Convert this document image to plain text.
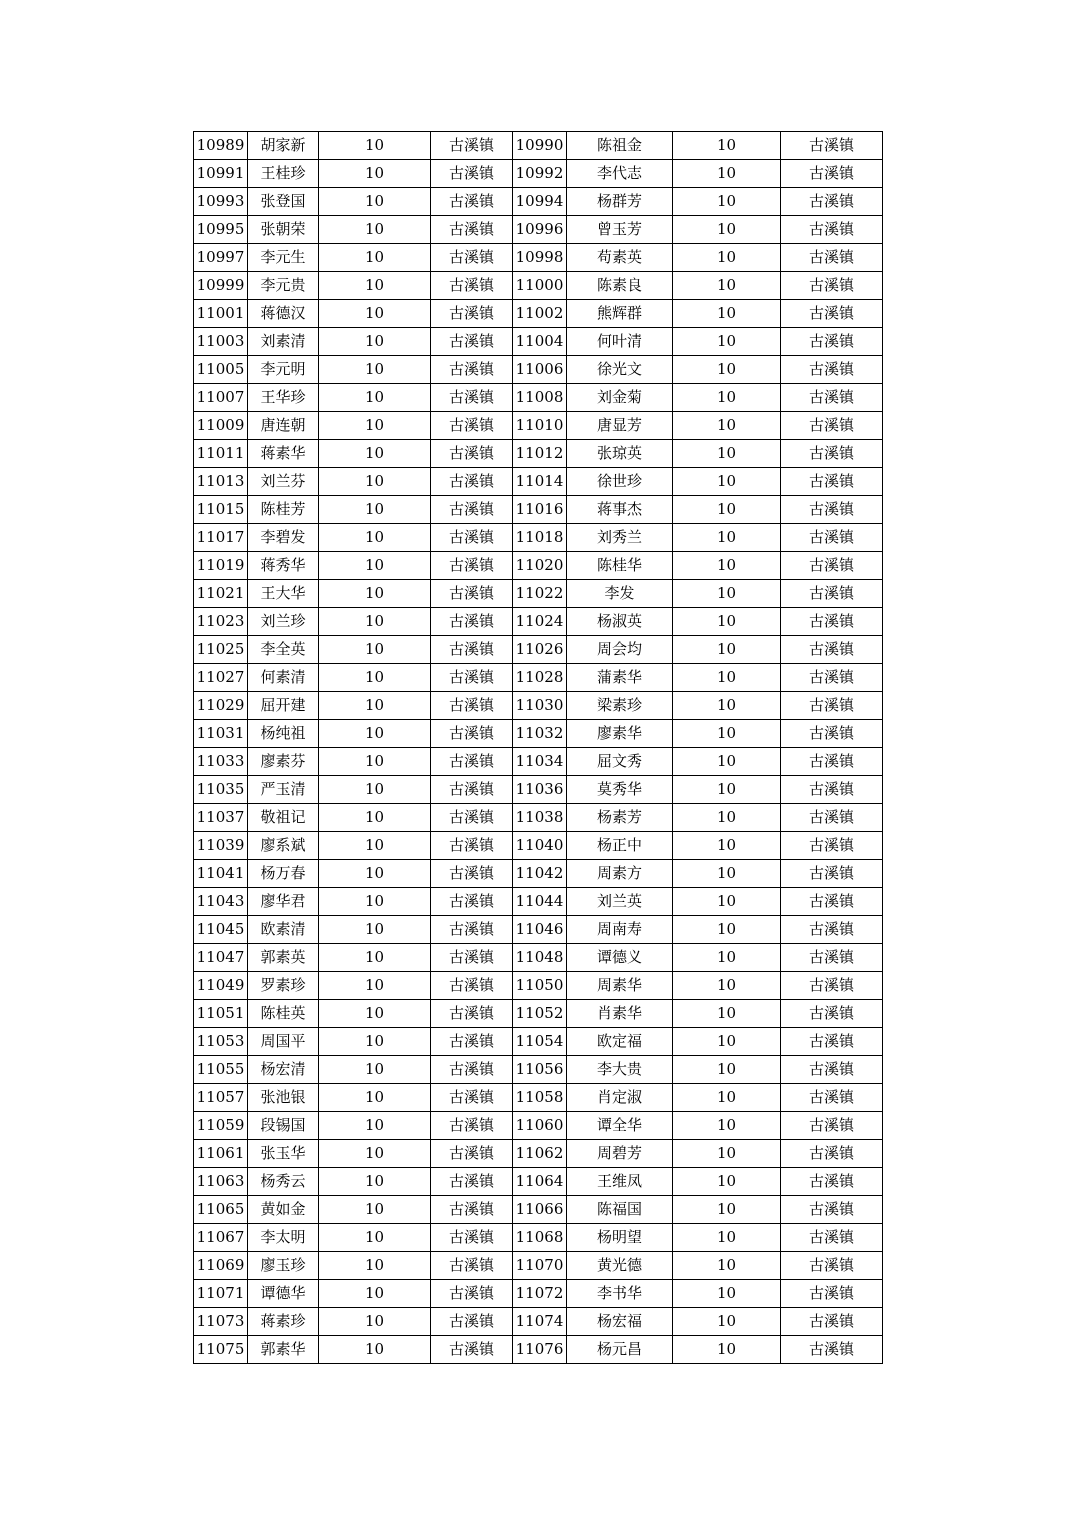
10989	胡家新	10	古溪镇	10990	陈祖金	10	古溪镇
10991	王桂珍	10	古溪镇	10992	李代志	10	古溪镇
10993	张登国	10	古溪镇	10994	杨群芳	10	古溪镇
10995	张朝荣	10	古溪镇	10996	曾玉芳	10	古溪镇
10997	李元生	10	古溪镇	10998	苟素英	10	古溪镇
10999	李元贵	10	古溪镇	11000	陈素良	10	古溪镇
11001	蒋德汉	10	古溪镇	11002	熊辉群	10	古溪镇
11003	刘素清	10	古溪镇	11004	何叶清	10	古溪镇
11005	李元明	10	古溪镇	11006	徐光文	10	古溪镇
11007	王华珍	10	古溪镇	11008	刘金菊	10	古溪镇
11009	唐连朝	10	古溪镇	11010	唐显芳	10	古溪镇
11011	蒋素华	10	古溪镇	11012	张琼英	10	古溪镇
11013	刘兰芬	10	古溪镇	11014	徐世珍	10	古溪镇
11015	陈桂芳	10	古溪镇	11016	蒋事杰	10	古溪镇
11017	李碧发	10	古溪镇	11018	刘秀兰	10	古溪镇
11019	蒋秀华	10	古溪镇	11020	陈桂华	10	古溪镇
11021	王大华	10	古溪镇	11022	李发	10	古溪镇
11023	刘兰珍	10	古溪镇	11024	杨淑英	10	古溪镇
11025	李全英	10	古溪镇	11026	周会均	10	古溪镇
11027	何素清	10	古溪镇	11028	蒲素华	10	古溪镇
11029	屈开建	10	古溪镇	11030	梁素珍	10	古溪镇
11031	杨纯祖	10	古溪镇	11032	廖素华	10	古溪镇
11033	廖素芬	10	古溪镇	11034	屈文秀	10	古溪镇
11035	严玉清	10	古溪镇	11036	莫秀华	10	古溪镇
11037	敬祖记	10	古溪镇	11038	杨素芳	10	古溪镇
11039	廖系斌	10	古溪镇	11040	杨正中	10	古溪镇
11041	杨万春	10	古溪镇	11042	周素方	10	古溪镇
11043	廖华君	10	古溪镇	11044	刘兰英	10	古溪镇
11045	欧素清	10	古溪镇	11046	周南寿	10	古溪镇
11047	郭素英	10	古溪镇	11048	谭德义	10	古溪镇
11049	罗素珍	10	古溪镇	11050	周素华	10	古溪镇
11051	陈桂英	10	古溪镇	11052	肖素华	10	古溪镇
11053	周国平	10	古溪镇	11054	欧定福	10	古溪镇
11055	杨宏清	10	古溪镇	11056	李大贵	10	古溪镇
11057	张池银	10	古溪镇	11058	肖定淑	10	古溪镇
11059	段锡国	10	古溪镇	11060	谭全华	10	古溪镇
11061	张玉华	10	古溪镇	11062	周碧芳	10	古溪镇
11063	杨秀云	10	古溪镇	11064	王维凤	10	古溪镇
11065	黄如金	10	古溪镇	11066	陈福国	10	古溪镇
11067	李太明	10	古溪镇	11068	杨明望	10	古溪镇
11069	廖玉珍	10	古溪镇	11070	黄光德	10	古溪镇
11071	谭德华	10	古溪镇	11072	李书华	10	古溪镇
11073	蒋素珍	10	古溪镇	11074	杨宏福	10	古溪镇
11075	郭素华	10	古溪镇	11076	杨元昌	10	古溪镇
